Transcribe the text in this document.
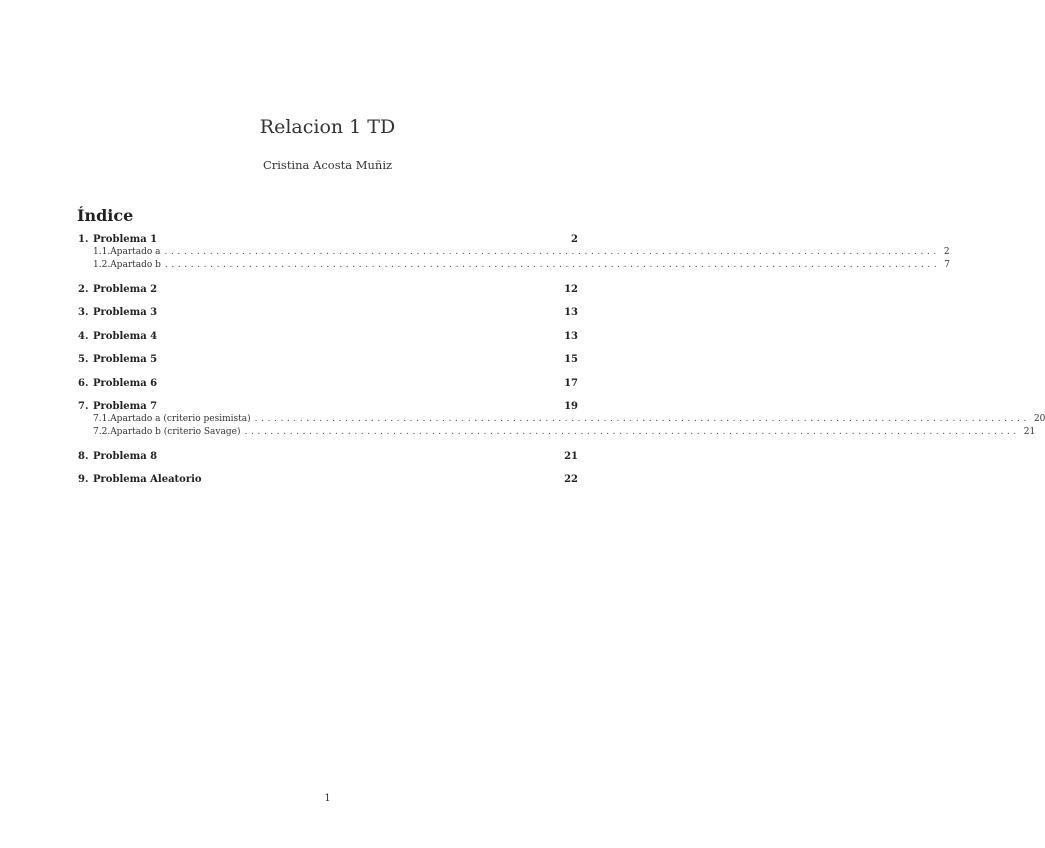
Relacion 1 TD
Cristina Acosta Muñiz
Índice
1. Problema 1	2
1.1. Apartado a ........................................................................................................................ 2
1.2. Apartado b ........................................................................................................................ 7
2. Problema 2	12
3. Problema 3	13
4. Problema 4	13
5. Problema 5	15
6. Problema 6	17
7. Problema 7	19
7.1. Apartado a (criterio pesimista) ........................................................................................................................ 20
7.2. Apartado b (criterio Savage) ........................................................................................................................ 21
8. Problema 8	21
9. Problema Aleatorio	22
1
